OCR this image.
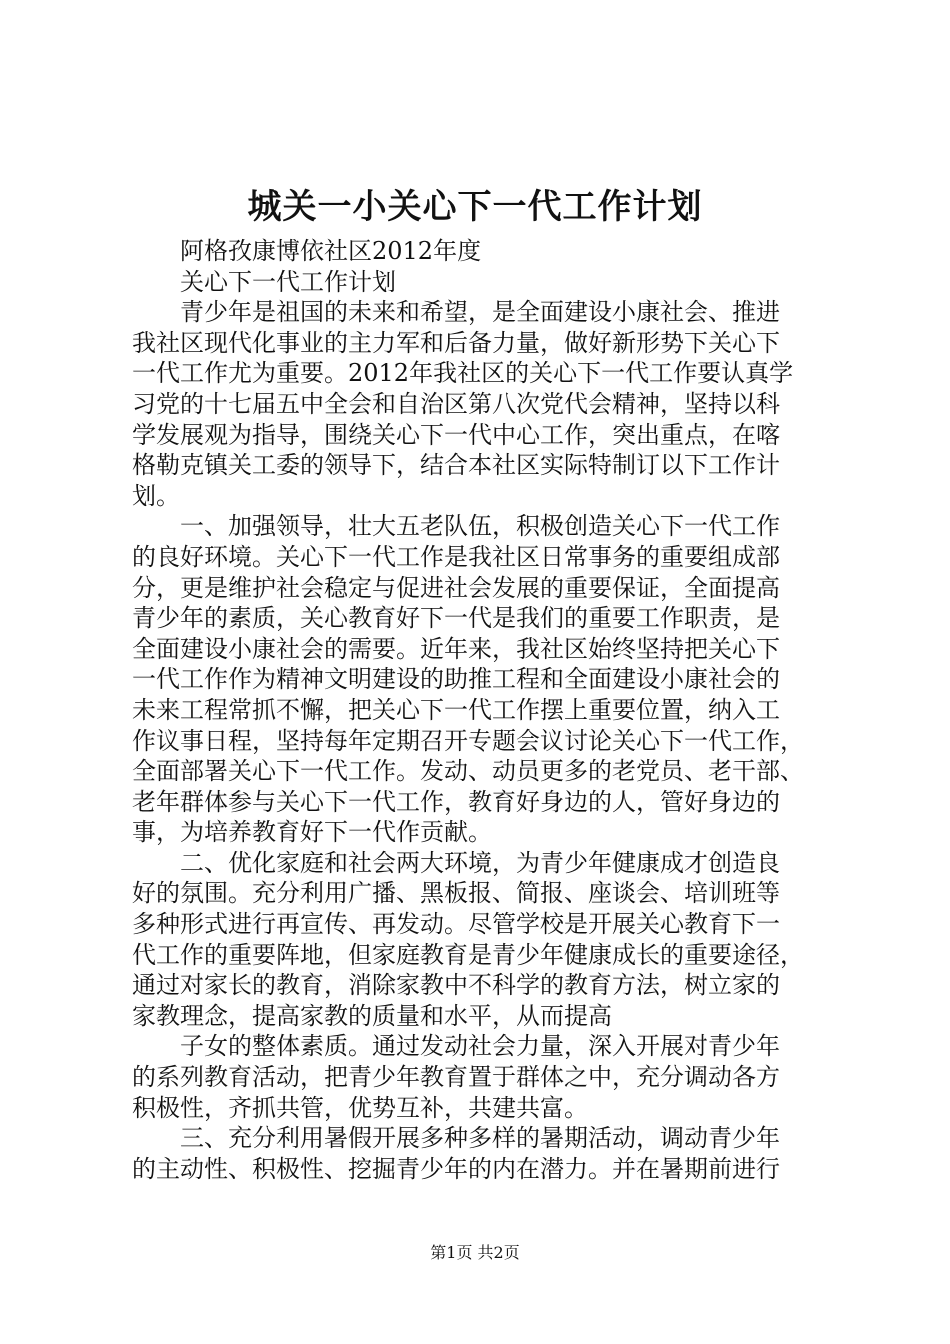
城关一小关心下一代工作计划
阿格孜康博依社区2012年度
关心下一代工作计划
青少年是祖国的未来和希望，是全面建设小康社会、推进
我社区现代化事业的主力军和后备力量，做好新形势下关心下
一代工作尤为重要。2012年我社区的关心下一代工作要认真学
习党的十七届五中全会和自治区第八次党代会精神，坚持以科
学发展观为指导，围绕关心下一代中心工作，突出重点，在喀
格勒克镇关工委的领导下，结合本社区实际特制订以下工作计
划。
一、加强领导，壮大五老队伍，积极创造关心下一代工作
的良好环境。关心下一代工作是我社区日常事务的重要组成部
分，更是维护社会稳定与促进社会发展的重要保证，全面提高
青少年的素质，关心教育好下一代是我们的重要工作职责，是
全面建设小康社会的需要。近年来，我社区始终坚持把关心下
一代工作作为精神文明建设的助推工程和全面建设小康社会的
未来工程常抓不懈，把关心下一代工作摆上重要位置，纳入工
作议事日程，坚持每年定期召开专题会议讨论关心下一代工作，
全面部署关心下一代工作。发动、动员更多的老党员、老干部、
老年群体参与关心下一代工作，教育好身边的人，管好身边的
事，为培养教育好下一代作贡献。
二、优化家庭和社会两大环境，为青少年健康成才创造良
好的氛围。充分利用广播、黑板报、简报、座谈会、培训班等
多种形式进行再宣传、再发动。尽管学校是开展关心教育下一
代工作的重要阵地，但家庭教育是青少年健康成长的重要途径，
通过对家长的教育，消除家教中不科学的教育方法，树立家的
家教理念，提高家教的质量和水平，从而提高
子女的整体素质。通过发动社会力量，深入开展对青少年
的系列教育活动，把青少年教育置于群体之中，充分调动各方
积极性，齐抓共管，优势互补，共建共富。
三、充分利用暑假开展多种多样的暑期活动，调动青少年
的主动性、积极性、挖掘青少年的内在潜力。并在暑期前进行
第1页 共2页
